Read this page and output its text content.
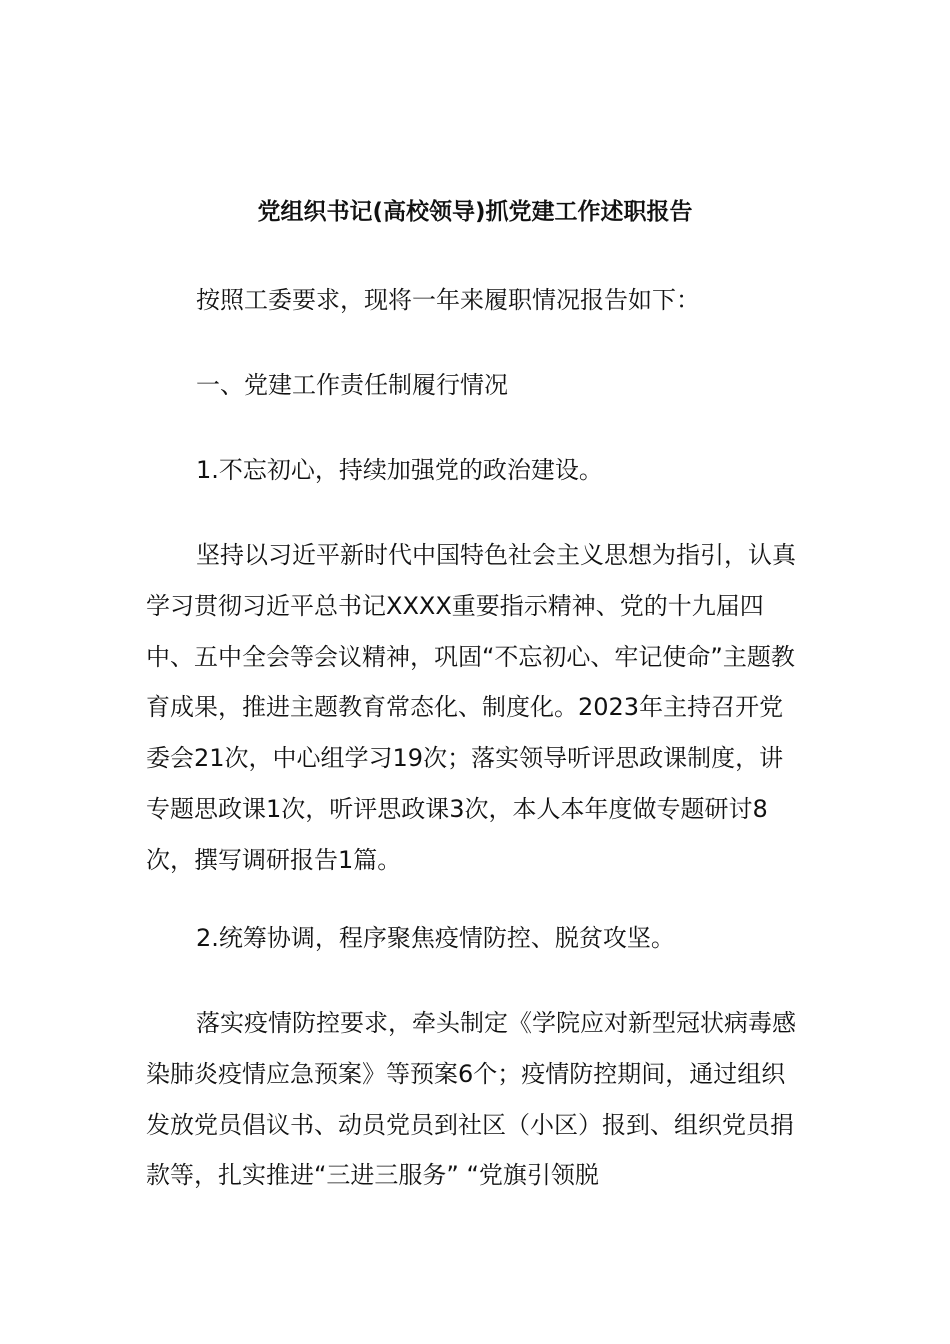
党组织书记(高校领导)抓党建工作述职报告

按照工委要求，现将一年来履职情况报告如下：

一、党建工作责任制履行情况

1.不忘初心，持续加强党的政治建设。

坚持以习近平新时代中国特色社会主义思想为指引，认真学习贯彻习近平总书记XXXX重要指示精神、党的十九届四中、五中全会等会议精神，巩固“不忘初心、牢记使命”主题教育成果，推进主题教育常态化、制度化。2023年主持召开党委会21次，中心组学习19次；落实领导听评思政课制度，讲专题思政课1次，听评思政课3次，本人本年度做专题研讨8次，撰写调研报告1篇。

2.统筹协调，程序聚焦疫情防控、脱贫攻坚。

落实疫情防控要求，牵头制定《学院应对新型冠状病毒感染肺炎疫情应急预案》等预案6个；疫情防控期间，通过组织发放党员倡议书、动员党员到社区（小区）报到、组织党员捐款等，扎实推进“三进三服务” “党旗引领脱
